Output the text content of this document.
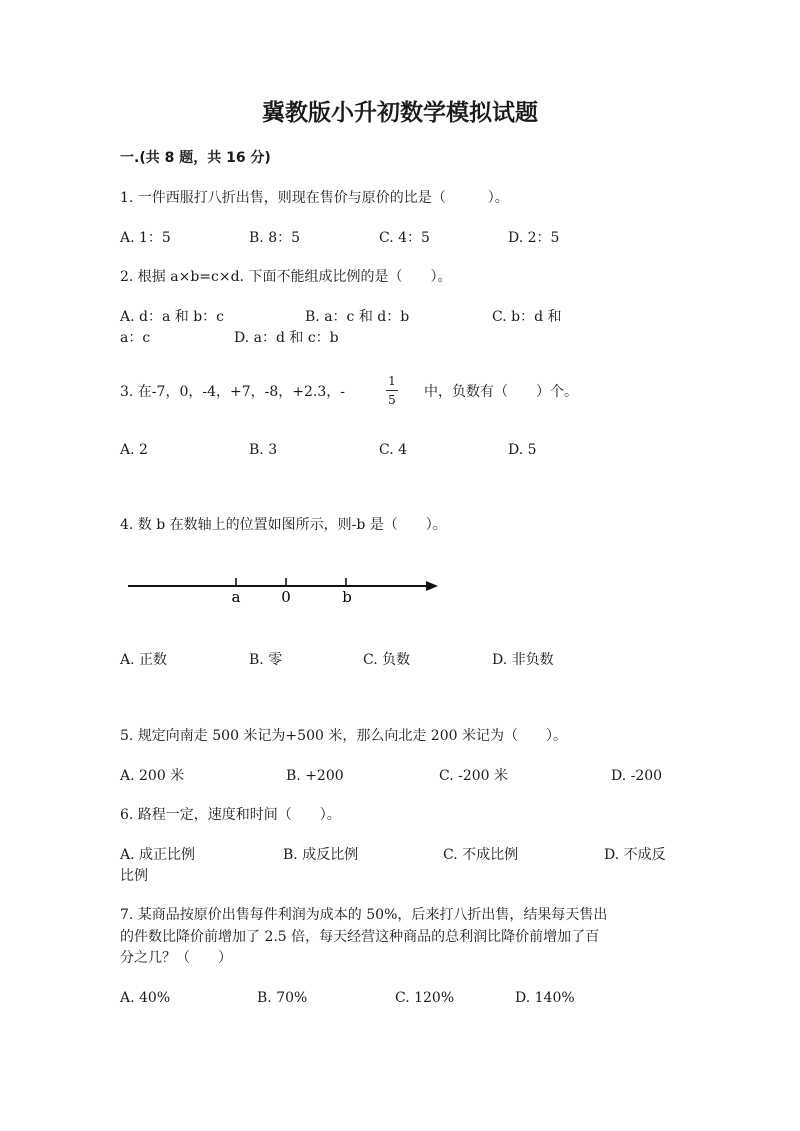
冀教版小升初数学模拟试题
一.(共 8 题，共 16 分)
1. 一件西服打八折出售，则现在售价与原价的比是（　　　）。
A. 1：5	B. 8：5	C. 4：5	D. 2：5
2. 根据 a×b=c×d. 下面不能组成比例的是（　　）。
A. d：a 和 b：c	B. a：c 和 d：b	C. b：d 和
a：c	D. a：d 和 c：b
3. 在-7，0，-4，+7，-8，+2.3，-
1
5	中，负数有（　　）个。
A. 2	B. 3	C. 4	D. 5
4. 数 b 在数轴上的位置如图所示，则-b 是（　　）。
a	0	b
A. 正数	B. 零	C. 负数	D. 非负数
5. 规定向南走 500 米记为+500 米，那么向北走 200 米记为（　　）。
A. 200 米	B. +200	C. -200 米	D. -200
6. 路程一定，速度和时间（　　）。
A. 成正比例	B. 成反比例	C. 不成比例	D. 不成反
比例
7. 某商品按原价出售每件利润为成本的 50%，后来打八折出售，结果每天售出
的件数比降价前增加了 2.5 倍，每天经营这种商品的总利润比降价前增加了百
分之几？（　　）
A. 40%	B. 70%	C. 120%	D. 140%
